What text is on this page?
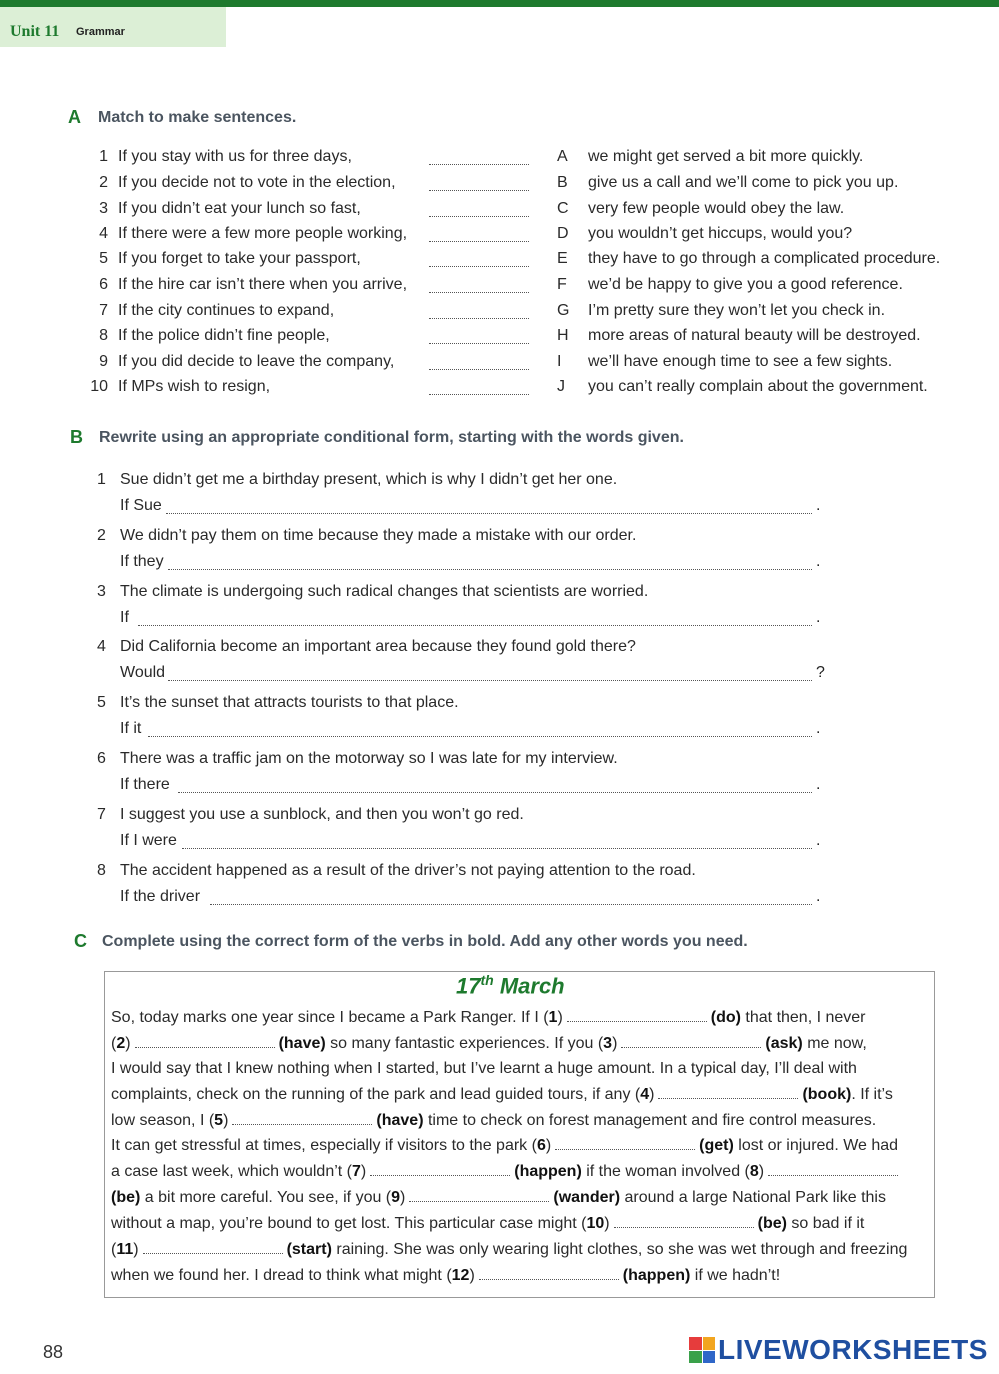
Unit 11 Grammar
A Match to make sentences.
1 If you stay with us for three days,	A we might get served a bit more quickly.
2 If you decide not to vote in the election,	B give us a call and we’ll come to pick you up.
3 If you didn’t eat your lunch so fast,	C very few people would obey the law.
4 If there were a few more people working,	D you wouldn’t get hiccups, would you?
5 If you forget to take your passport,	E they have to go through a complicated procedure.
6 If the hire car isn’t there when you arrive,	F we’d be happy to give you a good reference.
7 If the city continues to expand,	G I’m pretty sure they won’t let you check in.
8 If the police didn’t fine people,	H more areas of natural beauty will be destroyed.
9 If you did decide to leave the company,	I we’ll have enough time to see a few sights.
10 If MPs wish to resign,	J you can’t really complain about the government.
B Rewrite using an appropriate conditional form, starting with the words given.
1 Sue didn’t get me a birthday present, which is why I didn’t get her one.
If Sue	.
2 We didn’t pay them on time because they made a mistake with our order.
If they	.
3 The climate is undergoing such radical changes that scientists are worried.
If	.
4 Did California become an important area because they found gold there?
Would	?
5 It’s the sunset that attracts tourists to that place.
If it	.
6 There was a traffic jam on the motorway so I was late for my interview.
If there	.
7 I suggest you use a sunblock, and then you won’t go red.
If I were	.
8 The accident happened as a result of the driver’s not paying attention to the road.
If the driver	.
C Complete using the correct form of the verbs in bold. Add any other words you need.
17th March
So, today marks one year since I became a Park Ranger. If I (1)	(do) that then, I never
(2)	(have) so many fantastic experiences. If you (3)	(ask) me now,
I would say that I knew nothing when I started, but I’ve learnt a huge amount. In a typical day, I’ll deal with
complaints, check on the running of the park and lead guided tours, if any (4)	(book). If it’s
low season, I (5)	(have) time to check on forest management and fire control measures.
It can get stressful at times, especially if visitors to the park (6)	(get) lost or injured. We had
a case last week, which wouldn’t (7)	(happen) if the woman involved (8)
(be) a bit more careful. You see, if you (9)	(wander) around a large National Park like this
without a map, you’re bound to get lost. This particular case might (10)	(be) so bad if it
(11)	(start) raining. She was only wearing light clothes, so she was wet through and freezing
when we found her. I dread to think what might (12)	(happen) if we hadn’t!
88	LIVEWORKSHEETS
